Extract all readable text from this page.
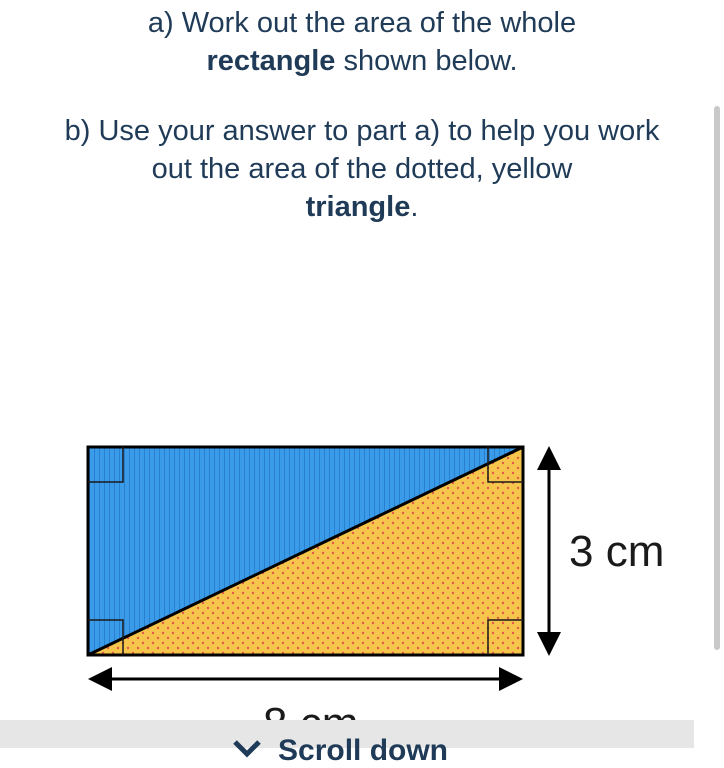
a) Work out the area of the whole
rectangle shown below.

b) Use your answer to part a) to help you work out the area of the dotted, yellow
triangle.

3 cm
Scroll down
